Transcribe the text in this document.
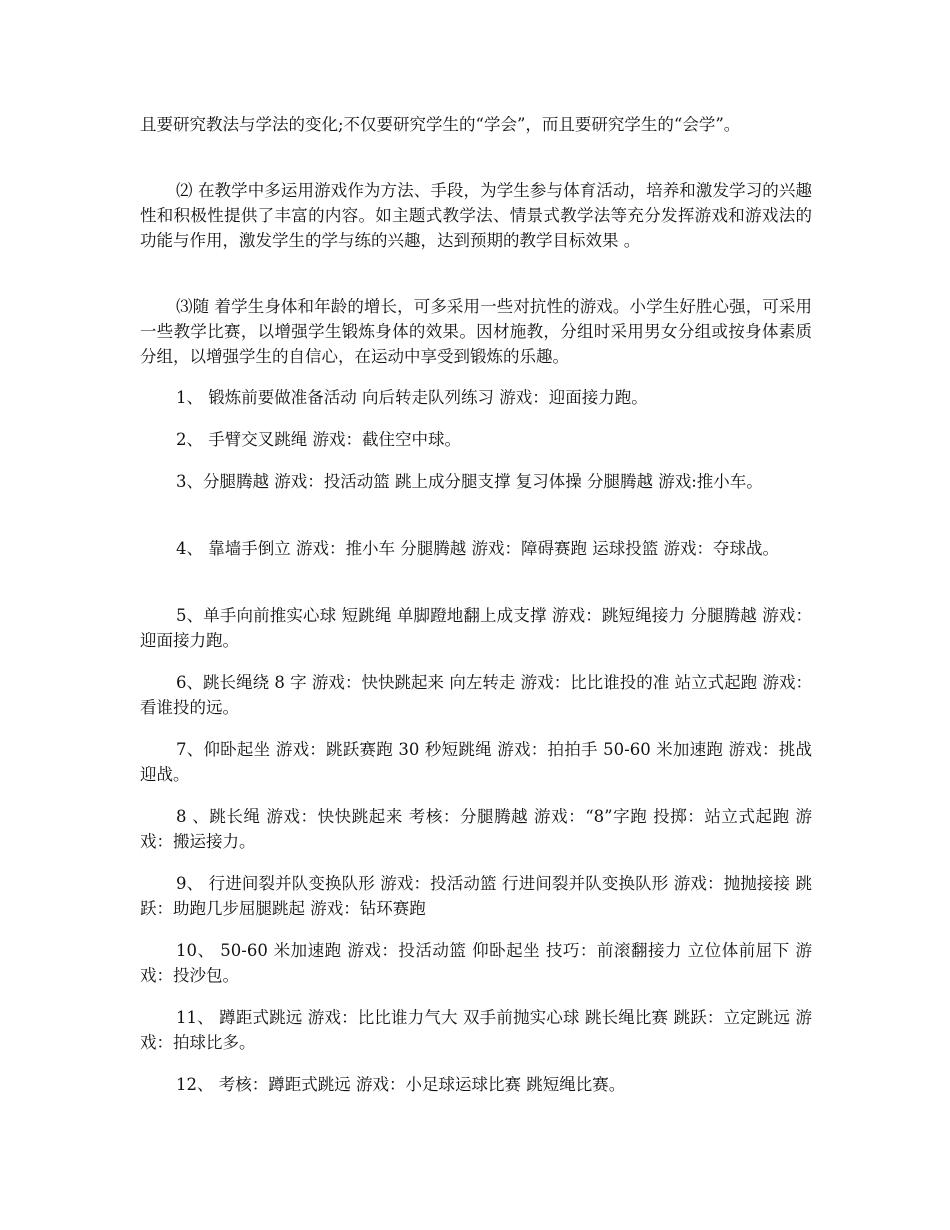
且要研究教法与学法的变化;不仅要研究学生的“学会”，而且要研究学生的“会学”。

⑵ 在教学中多运用游戏作为方法、手段，为学生参与体育活动，培养和激发学习的兴趣性和积极性提供了丰富的内容。如主题式教学法、情景式教学法等充分发挥游戏和游戏法的功能与作用，激发学生的学与练的兴趣，达到预期的教学目标效果 。

⑶随 着学生身体和年龄的增长，可多采用一些对抗性的游戏。小学生好胜心强，可采用一些教学比赛，以增强学生锻炼身体的效果。因材施教，分组时采用男女分组或按身体素质分组，以增强学生的自信心，在运动中享受到锻炼的乐趣。

1、 锻炼前要做准备活动 向后转走队列练习 游戏：迎面接力跑。

2、 手臂交叉跳绳 游戏：截住空中球。

3、分腿腾越 游戏：投活动篮 跳上成分腿支撑 复习体操 分腿腾越 游戏:推小车。

4、 靠墙手倒立 游戏：推小车 分腿腾越 游戏：障碍赛跑 运球投篮 游戏：夺球战。

5、单手向前推实心球 短跳绳 单脚蹬地翻上成支撑 游戏：跳短绳接力 分腿腾越 游戏：迎面接力跑。

6、跳长绳绕 8 字 游戏：快快跳起来 向左转走 游戏：比比谁投的准 站立式起跑 游戏：看谁投的远。

7、仰卧起坐 游戏：跳跃赛跑 30 秒短跳绳 游戏：拍拍手 50-60 米加速跑 游戏：挑战迎战。

8 、跳长绳 游戏：快快跳起来 考核：分腿腾越 游戏：“8”字跑 投掷：站立式起跑 游戏：搬运接力。

9、 行进间裂并队变换队形 游戏：投活动篮 行进间裂并队变换队形 游戏：抛抛接接 跳跃：助跑几步屈腿跳起 游戏：钻环赛跑

10、 50-60 米加速跑 游戏：投活动篮 仰卧起坐 技巧：前滚翻接力 立位体前屈下 游戏：投沙包。

11、 蹲距式跳远 游戏：比比谁力气大 双手前抛实心球 跳长绳比赛 跳跃：立定跳远 游戏：拍球比多。

12、 考核：蹲距式跳远 游戏：小足球运球比赛 跳短绳比赛。
